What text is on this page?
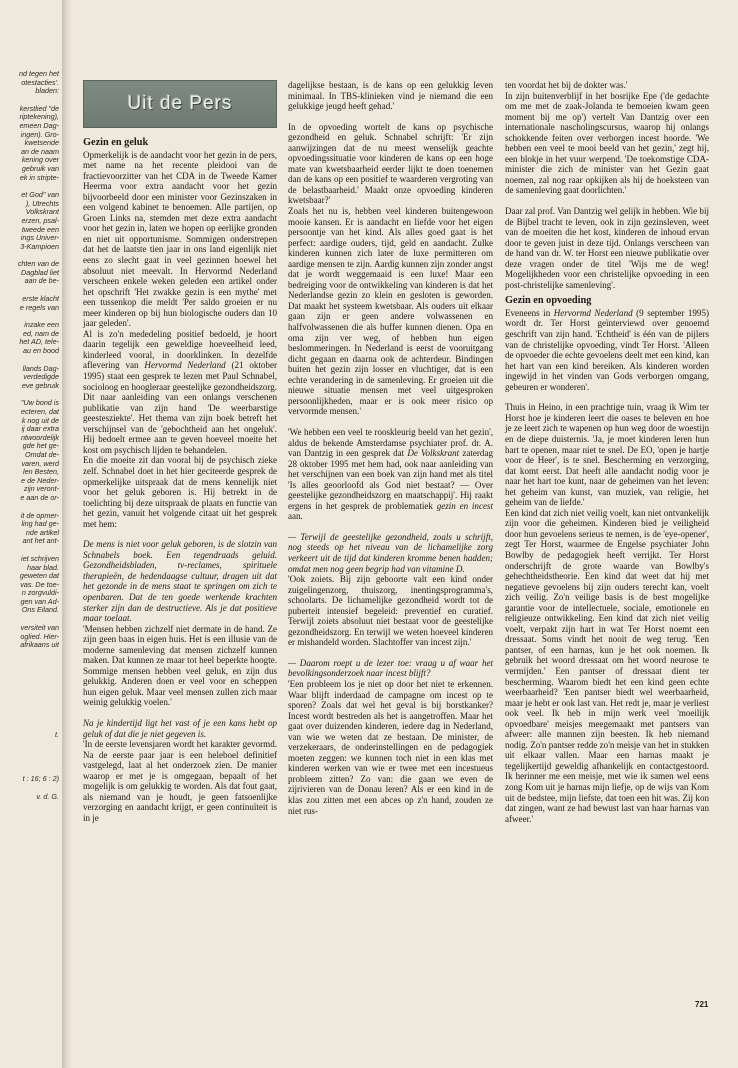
nd tegen het
otestacties'.
bladen:
kerstlied "de
riptekening),
emeen Dag-
ingen). Gro-
kwetsende
an de naam
kening over
gebruik van
ek in stripte-
et God" van
), Utrechts
Volkskrant
erzen, psal-
tweede een
ings Univer-
3-Kampioen
chten van de
Dagblad liet
aan de be-
erste klacht
e regels van
inzake een
ed, nam de
het AD, tele-
au en bood
llands Dag-
verdedigde
eve gebruik
"Uw bond is
ecteren, dat
k nog uit de
ij daar extra
ntwoordelijk
gde het ge-
Omdat de-
varen, werd
len Besten,
e de Neder-
zijn veront-
e aan de or-
it de opmer-
ling had ge-
nde artikel
ant het ant-
iet schrijven
haar blad.
geweten dat
vas. De toe-
n zorgvuldi-
gen van Ad-
Ons Eiland.
versiteit van
oglied. Hier-
afrikaans uit
t.
t : 16; 6 : 2)
v. d. G.
Uit de Pers
Gezin en geluk

Opmerkelijk is de aandacht voor het gezin in de pers, met name na het recente pleidooi van de fractievoorzitter van het CDA in de Tweede Kamer Heerma voor extra aandacht voor het gezin bijvoorbeeld door een minister voor Gezinszaken in een volgend kabinet te benoemen. Alle partijen, op Groen Links na, stemden met deze extra aandacht voor het gezin in, laten we hopen op eerlijke gronden en niet uit opportunisme. Sommigen onderstrepen dat het de laatste tien jaar in ons land eigenlijk niet eens zo slecht gaat in veel gezinnen hoewel het absoluut niet meevalt. In Hervormd Nederland verscheen enkele weken geleden een artikel onder het opschrift 'Het zwakke gezin is een mythe' met een tussenkop die meldt 'Per saldo groeien er nu meer kinderen op bij hun biologische ouders dan 10 jaar geleden'.

Al is zo'n mededeling positief bedoeld, je hoort daarin tegelijk een geweldige hoeveelheid leed, kinderleed vooral, in doorklinken. In dezelfde aflevering van Hervormd Nederland (21 oktober 1995) staat een gesprek te lezen met Paul Schnabel, socioloog en hoogleraar geestelijke gezondheidszorg. Dit naar aanleiding van een onlangs verschenen publikatie van zijn hand 'De weerbarstige geestesziekte'. Het thema van zijn boek betreft het verschijnsel van de 'gebochtheid aan het ongeluk'. Hij bedoelt ermee aan te geven hoeveel moeite het kost om psychisch lijden te behandelen.

En die moeite zit dan vooral bij de psychisch zieke zelf. Schnabel doet in het hier geciteerde gesprek de opmerkelijke uitspraak dat de mens kennelijk niet voor het geluk geboren is. Hij betrekt in de toelichting bij deze uitspraak de plaats en functie van het gezin, vanuit het volgende citaat uit het gesprek met hem:

De mens is niet voor geluk geboren, is de slotzin van Schnabels boek. Een tegendraads geluid. Gezondheidsbladen, tv-reclames, spirituele therapieën, de hedendaagse cultuur, dragen uit dat het gezonde in de mens staat te springen om zich te openbaren. Dat de ten goede werkende krachten sterker zijn dan de destructieve. Als je dat positieve maar toelaat.

'Mensen hebben zichzelf niet dermate in de hand. Ze zijn geen baas in eigen huis. Het is een illusie van de moderne samenleving dat mensen zichzelf kunnen maken. Dat kunnen ze maar tot heel beperkte hoogte. Sommige mensen hebben veel geluk, en zijn dus gelukkig. Anderen doen er veel voor en scheppen hun eigen geluk. Maar veel mensen zullen zich maar weinig gelukkig voelen.'

Na je kindertijd ligt het vast of je een kans hebt op geluk of dat die je niet gegeven is.

'In de eerste levensjaren wordt het karakter gevormd. Na de eerste paar jaar is een heleboel definitief vastgelegd, laat al het onderzoek zien. De manier waarop er met je is omgegaan, bepaalt of het mogelijk is om gelukkig te worden. Als dat fout gaat, als niemand van je houdt, je geen fatsoenlijke verzorging en aandacht krijgt, er geen continuïteit is in je

dagelijkse bestaan, is de kans op een gelukkig leven minimaal. In TBS-klinieken vind je niemand die een gelukkige jeugd heeft gehad.'

In de opvoeding wortelt de kans op psychische gezondheid en geluk. Schnabel schrijft: 'Er zijn aanwijzingen dat de nu meest wenselijk geachte opvoedingssituatie voor kinderen de kans op een hoge mate van kwetsbaarheid eerder lijkt te doen toenemen dan de kans op een positief te waarderen vergroting van de belastbaarheid.' Maakt onze opvoeding kinderen kwetsbaar?'

Zoals het nu is, hebben veel kinderen buitengewoon mooie kansen. Er is aandacht en liefde voor het eigen persoontje van het kind. Als alles goed gaat is het perfect: aardige ouders, tijd, geld en aandacht. Zulke kinderen kunnen zich later de luxe permitteren om aardige mensen te zijn. Aardig kunnen zijn zonder angst dat je wordt weggemaaid is een luxe! Maar een bedreiging voor de ontwikkeling van kinderen is dat het Nederlandse gezin zo klein en gesloten is geworden. Dat maakt het systeem kwetsbaar. Als ouders uit elkaar gaan zijn er geen andere volwassenen en halfvolwassenen die als buffer kunnen dienen. Opa en oma zijn ver weg, of hebben hun eigen beslommeringen. In Nederland is eerst de vooruitgang dicht gegaan en daarna ook de achterdeur. Bindingen buiten het gezin zijn losser en vluchtiger, dat is een echte verandering in de samenleving. Er groeien uit die nieuwe situatie mensen met veel uitgesproken persoonlijkheden, maar er is ook meer risico op vervormde mensen.'

'We hebben een veel te rooskleurig beeld van het gezin', aldus de bekende Amsterdamse psychiater prof. dr. A. van Dantzig in een gesprek dat De Volkskrant zaterdag 28 oktober 1995 met hem had, ook naar aanleiding van het verschijnen van een boek van zijn hand met als titel 'Is alles geoorloofd als God niet bestaat? — Over geestelijke gezondheidszorg en maatschappij'. Hij raakt ergens in het gesprek de problematiek gezin en incest aan.

— Terwijl de geestelijke gezondheid, zoals u schrijft, nog steeds op het niveau van de lichamelijke zorg verkeert uit de tijd dat kinderen kromme benen hadden; omdat men nog geen begrip had van vitamine D.

'Ook zoiets. Bij zijn geboorte valt een kind onder zuigelingenzorg, thuiszorg, inentingsprogramma's, schoolarts. De lichamelijke gezondheid wordt tot de puberteit intensief begeleid: preventief en curatief. Terwijl zoiets absoluut niet bestaat voor de geestelijke gezondheidszorg. En terwijl we weten hoeveel kinderen er mishandeld worden. Slachtoffer van incest zijn.'

— Daarom roept u de lezer toe: vraag u af waar het bevolkingsonderzoek naar incest blijft?

'Een probleem los je niet op door het niet te erkennen. Waar blijft inderdaad de campagne om incest op te sporen? Zoals dat wel het geval is bij borstkanker? Incest wordt bestreden als het is aangetroffen. Maar het gaat over duizenden kinderen, iedere dag in Nederland, van wie we weten dat ze bestaan. De minister, de verzekeraars, de onderinstellingen en de pedagogiek moeten zeggen: we kunnen toch niet in een klas met kinderen werken van wie er twee met een incestueus probleem zitten? Zo van: die gaan we even de zijrivieren van de Donau leren? Als er een kind in de klas zou zitten met een abces op z'n hand, zouden ze niet rus-

ten voordat het bij de dokter was.'

In zijn buitenverblijf in het bosrijke Epe ('de gedachte om me met de zaak-Jolanda te bemoeien kwam geen moment bij me op') vertelt Van Dantzig over een internationale nascholingscursus, waarop hij onlangs schokkende feiten over verborgen incest hoorde. 'We hebben een veel te mooi beeld van het gezin,' zegt hij, een blokje in het vuur werpend. 'De toekomstige CDA-minister die zich de minister van het Gezin gaat noemen, zal nog raar opkijken als hij de hoeksteen van de samenleving gaat doorlichten.'

Daar zal prof. Van Dantzig wel gelijk in hebben. Wie bij de Bijbel tracht te leven, ook in zijn gezinsleven, weet van de moeiten die het kost, kinderen de inhoud ervan door te geven juist in deze tijd. Onlangs verscheen van de hand van dr. W. ter Horst een nieuwe publikatie over deze vragen onder de titel 'Wijs me de weg! Mogelijkheden voor een christelijke opvoeding in een post-christelijke samenleving'.

Gezin en opvoeding

Eveneens in Hervormd Nederland (9 september 1995) wordt dr. Ter Horst geïnterviewd over genoemd geschrift van zijn hand. 'Echtheid' is één van de pijlers van de christelijke opvoeding, vindt Ter Horst. 'Alleen de opvoeder die echte gevoelens deelt met een kind, kan het hart van een kind bereiken. Als kinderen worden ingewijd in het vinden van Gods verborgen omgang, gebeuren er wonderen'.

Thuis in Heino, in een prachtige tuin, vraag ik Wim ter Horst hoe je kinderen leert die oases te beleven en hoe je ze leert zich te wapenen op hun weg door de woestijn en de diepe duisternis. 'Ja, je moet kinderen leren hun hart te openen, maar niet te snel. De EO, 'open je hartje voor de Heer', is te snel. Bescherming en verzorging, dat komt eerst. Dat heeft alle aandacht nodig voor je naar het hart toe kunt, naar de geheimen van het leven: het geheim van kunst, van muziek, van religie, het geheim van de liefde.'

Een kind dat zich niet veilig voelt, kan niet ontvankelijk zijn voor die geheimen. Kinderen bied je veiligheid door hun gevoelens serieus te nemen, is de 'eye-opener', zegt Ter Horst, waarmee de Engelse psychiater John Bowlby de pedagogiek heeft verrijkt. Ter Horst onderschrijft de grote waarde van Bowlby's gehechtheidstheorie. Een kind dat weet dat hij met negatieve gevoelens bij zijn ouders terecht kan, voelt zich veilig. Zo'n veilige basis is de best mogelijke garantie voor de intellectuele, sociale, emotionele en religieuze ontwikkeling. Een kind dat zich niet veilig voelt, verpakt zijn hart in wat Ter Horst noemt een dressaat. Soms vindt het nooit de weg terug. 'Een pantser, of een harnas, kun je het ook noemen. Ik gebruik het woord dressaat om het woord neurose te vermijden.' Een pantser of dressaat dient ter bescherming. Waarom biedt het een kind geen echte weerbaarheid? 'Een pantser biedt wel weerbaarheid, maar je hebt er ook last van. Het redt je, maar je verliest ook veel. Ik heb in mijn werk veel 'moeilijk opvoedbare' meisjes meegemaakt met pantsers van afweer: alle mannen zijn beesten. Ik heb niemand nodig. Zo'n pantser redde zo'n meisje van het in stukken uit elkaar vallen. Maar een harnas maakt je tegelijkertijd geweldig afhankelijk en contactgestoord. Ik herinner me een meisje, met wie ik samen wel eens zong Kom uit je harnas mijn liefje, op de wijs van Kom uit de bedstee, mijn liefste, dat toen een hit was. Zij kon dat zingen, want ze had bewust last van haar harnas van afweer.'

721
